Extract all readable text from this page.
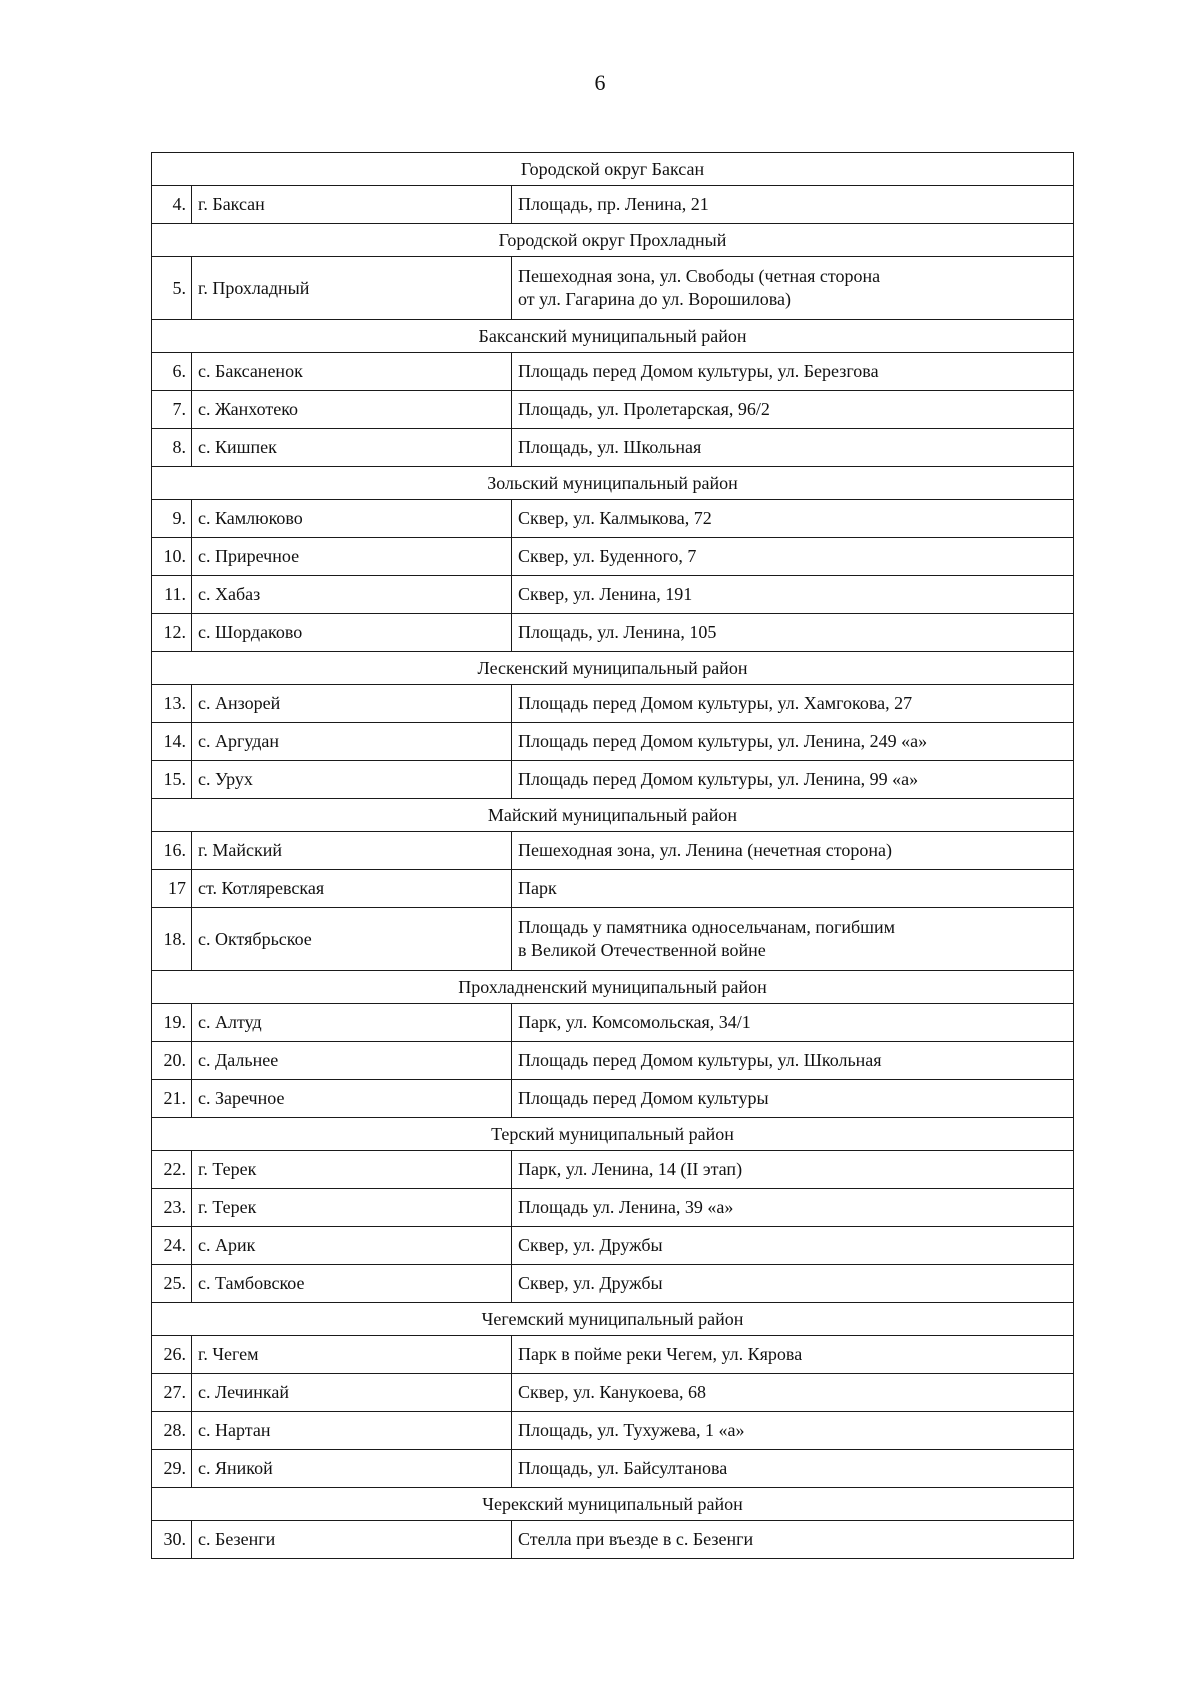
6
Городской округ Баксан		
4.	г. Баксан	Площадь, пр. Ленина, 21
Городской округ Прохладный		
5.	г. Прохладный	Пешеходная зона, ул. Свободы (четная сторона
от ул. Гагарина до ул. Ворошилова)
Баксанский муниципальный район		
6.	с. Баксаненок	Площадь перед Домом культуры, ул. Березгова
7.	с. Жанхотеко	Площадь, ул. Пролетарская, 96/2
8.	с. Кишпек	Площадь, ул. Школьная
Зольский муниципальный район		
9.	с. Камлюково	Сквер, ул. Калмыкова, 72
10.	с. Приречное	Сквер, ул. Буденного, 7
11.	с. Хабаз	Сквер, ул. Ленина, 191
12.	с. Шордаково	Площадь, ул. Ленина, 105
Лескенский муниципальный район		
13.	с. Анзорей	Площадь перед Домом культуры, ул. Хамгокова, 27
14.	с. Аргудан	Площадь перед Домом культуры, ул. Ленина, 249 «а»
15.	с. Урух	Площадь перед Домом культуры, ул. Ленина, 99 «а»
Майский муниципальный район		
16.	г. Майский	Пешеходная зона, ул. Ленина (нечетная сторона)
17	ст. Котляревская	Парк
18.	с. Октябрьское	Площадь у памятника односельчанам, погибшим
в Великой Отечественной войне
Прохладненский муниципальный район		
19.	с. Алтуд	Парк, ул. Комсомольская, 34/1
20.	с. Дальнее	Площадь перед Домом культуры, ул. Школьная
21.	с. Заречное	Площадь перед Домом культуры
Терский муниципальный район		
22.	г. Терек	Парк, ул. Ленина, 14 (II этап)
23.	г. Терек	Площадь ул. Ленина, 39 «а»
24.	с. Арик	Сквер, ул. Дружбы
25.	с. Тамбовское	Сквер, ул. Дружбы
Чегемский муниципальный район		
26.	г. Чегем	Парк в пойме реки Чегем, ул. Кярова
27.	с. Лечинкай	Сквер, ул. Канукоева, 68
28.	с. Нартан	Площадь, ул. Тухужева, 1 «а»
29.	с. Яникой	Площадь, ул. Байсултанова
Черекский муниципальный район		
30.	с. Безенги	Стелла при въезде в с. Безенги
